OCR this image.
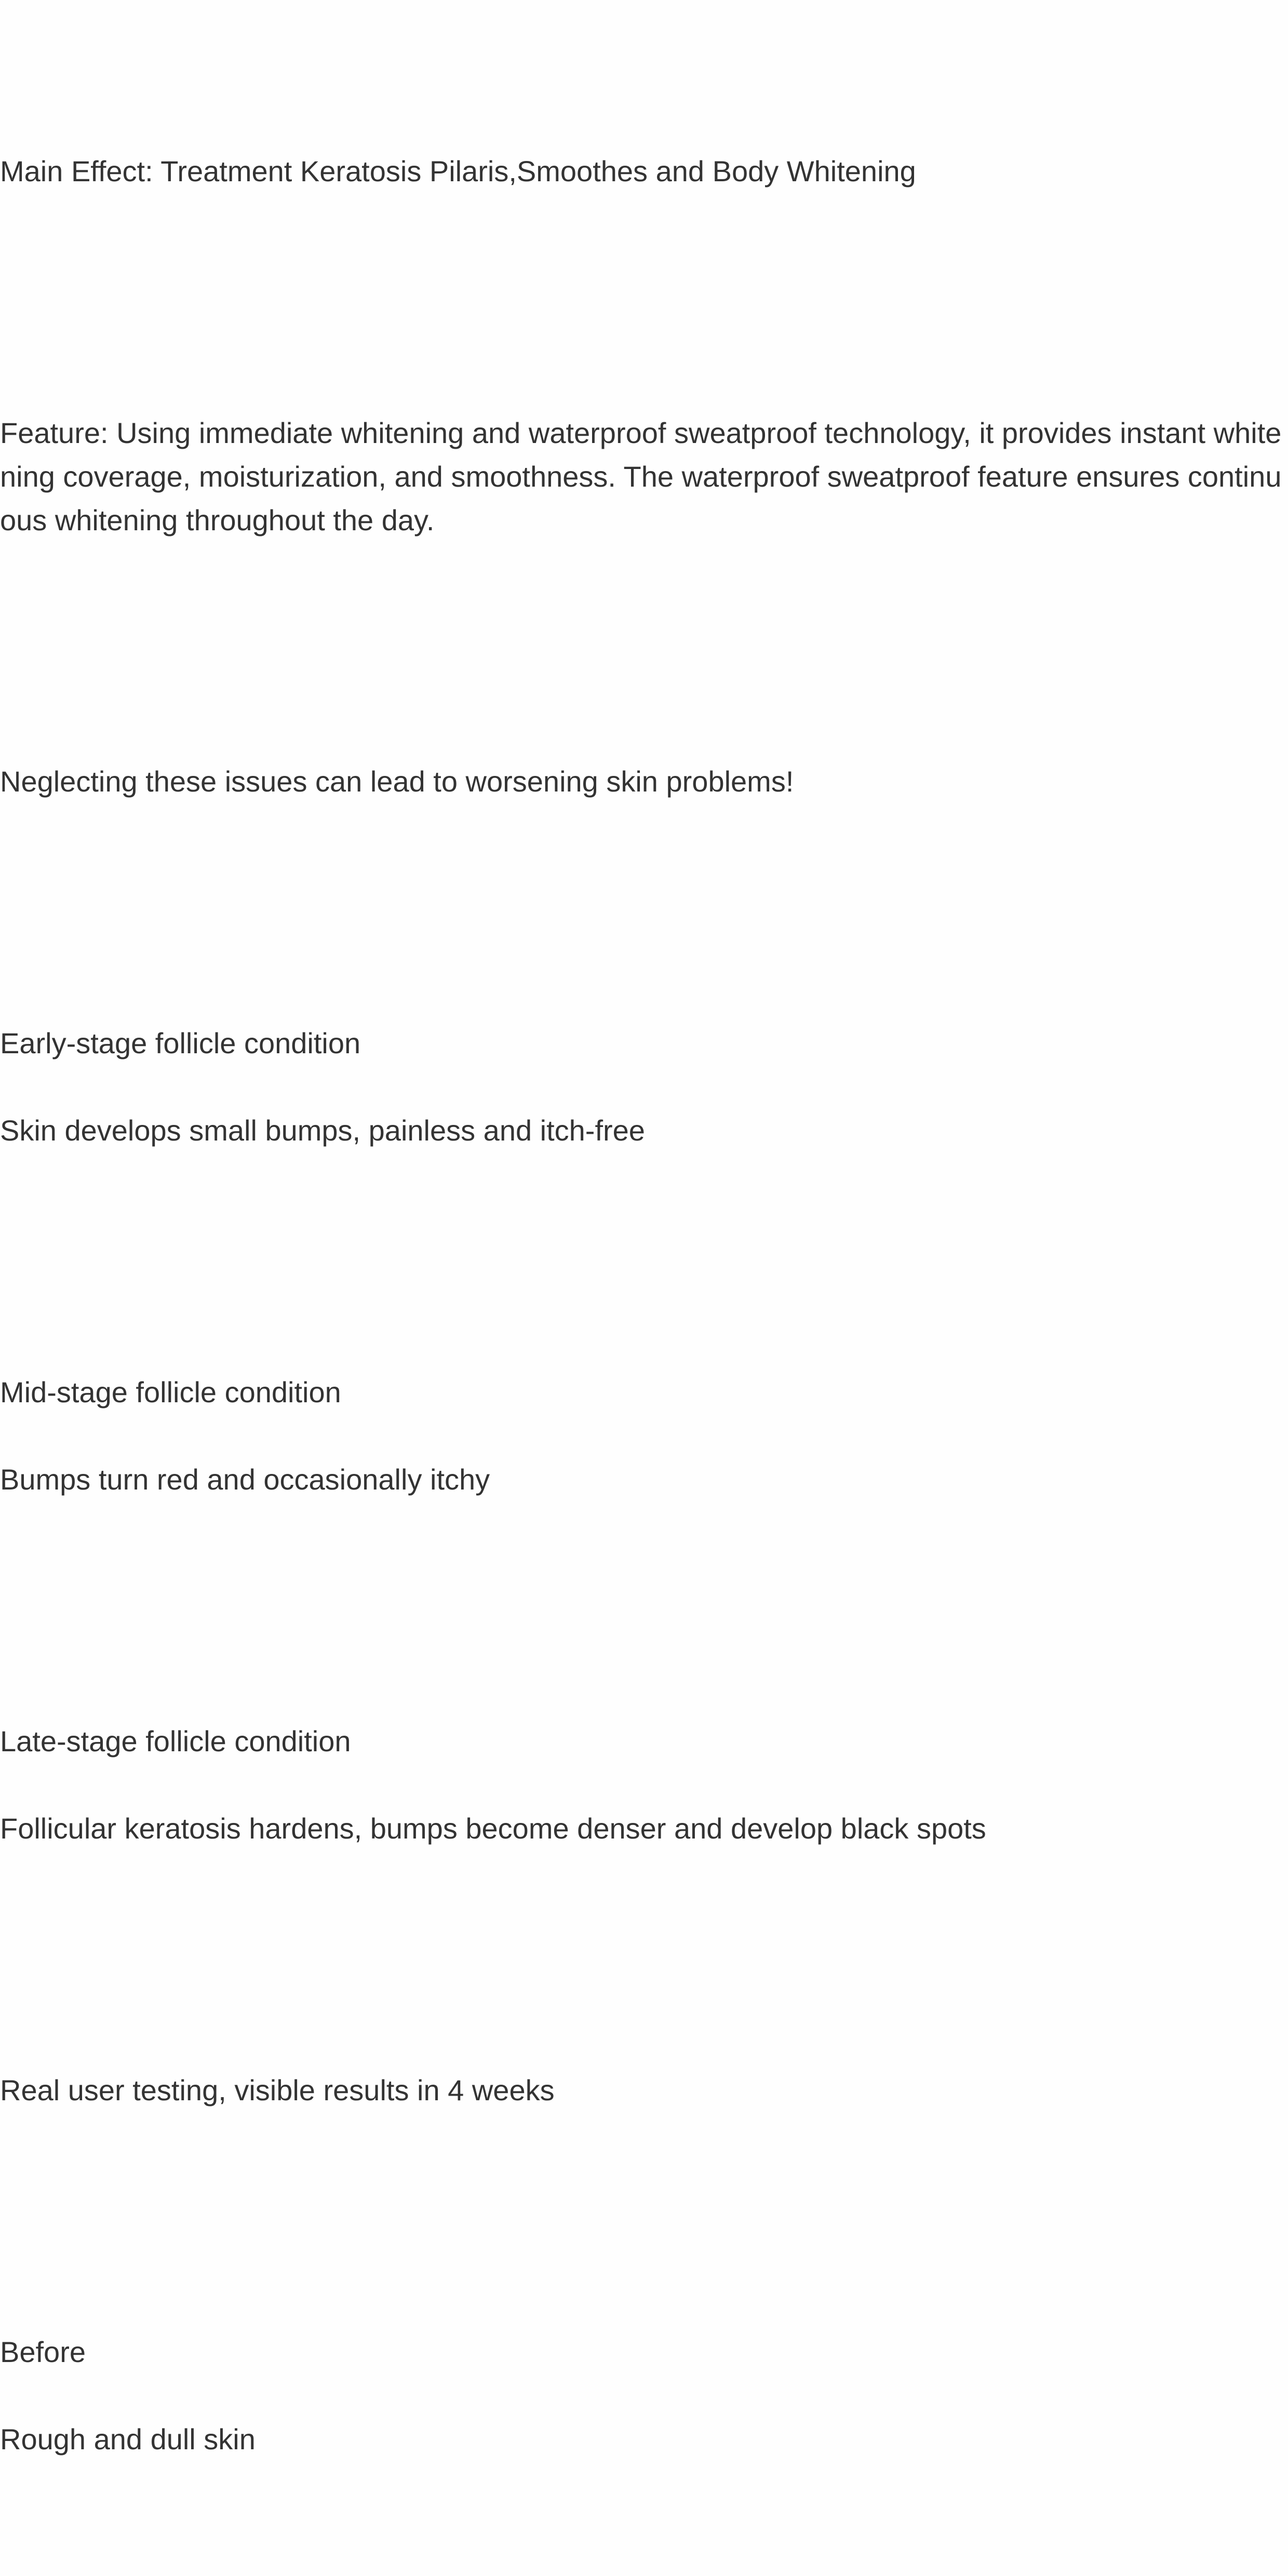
Main Effect: Treatment Keratosis Pilaris,Smoothes and Body Whitening

Feature: Using immediate whitening and waterproof sweatproof technology, it provides instant whitening coverage, moisturization, and smoothness. The waterproof sweatproof feature ensures continuous whitening throughout the day.

Neglecting these issues can lead to worsening skin problems!

Early-stage follicle condition

Skin develops small bumps, painless and itch-free

Mid-stage follicle condition

Bumps turn red and occasionally itchy

Late-stage follicle condition

Follicular keratosis hardens, bumps become denser and develop black spots

Real user testing, visible results in 4 weeks

Before

Rough and dull skin
